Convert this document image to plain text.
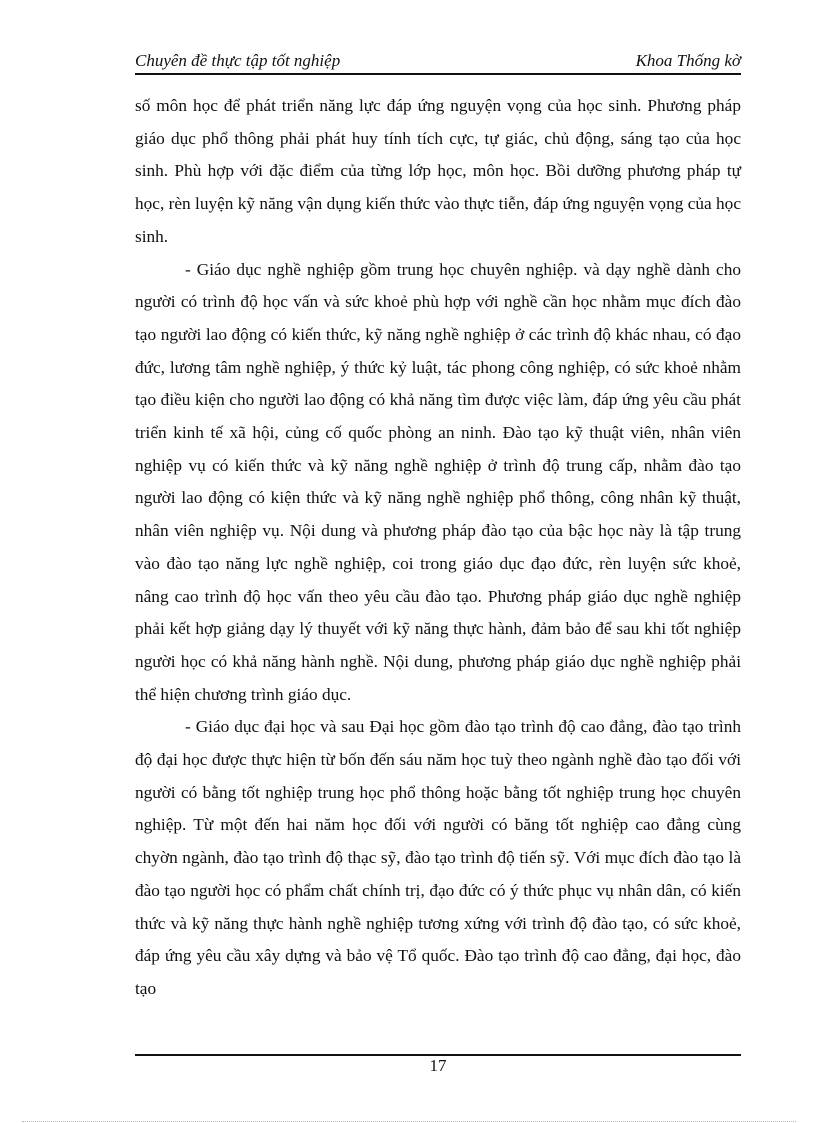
Chuyên đề thực tập tốt nghiệp	Khoa Thống kờ

số môn học để phát triển năng lực đáp ứng nguyện vọng của học sinh. Phương pháp giáo dục phổ thông phải phát huy tính tích cực, tự giác, chủ động, sáng tạo của học sinh. Phù hợp với đặc điểm của từng lớp học, môn học. Bồi dưỡng phương pháp tự học, rèn luyện kỹ năng vận dụng kiến thức vào thực tiễn, đáp ứng nguyện vọng của học sinh.

- Giáo dục nghề nghiệp gồm trung học chuyên nghiệp. và dạy nghề dành cho người có trình độ học vấn và sức khoẻ phù hợp với nghề cần học nhằm mục đích đào tạo người lao động có kiến thức, kỹ năng nghề nghiệp ở các trình độ khác nhau, có đạo đức, lương tâm nghề nghiệp, ý thức kỷ luật, tác phong công nghiệp, có sức khoẻ nhằm tạo điều kiện cho người lao động có khả năng tìm được việc làm, đáp ứng yêu cầu phát triển kinh tế xã hội, củng cố quốc phòng an ninh. Đào tạo kỹ thuật viên, nhân viên nghiệp vụ có kiến thức và kỹ năng nghề nghiệp ở trình độ trung cấp, nhằm đào tạo người lao động có kiện thức và kỹ năng nghề nghiệp phổ thông, công nhân kỹ thuật, nhân viên nghiệp vụ. Nội dung và phương pháp đào tạo của bậc học này là tập trung vào đào tạo năng lực nghề nghiệp, coi trong giáo dục đạo đức, rèn luyện sức khoẻ, nâng cao trình độ học vấn theo yêu cầu đào tạo. Phương pháp giáo dục nghề nghiệp phải kết hợp giảng dạy lý thuyết với kỹ năng thực hành, đảm bảo để sau khi tốt nghiệp người học có khả năng hành nghề. Nội dung, phương pháp giáo dục nghề nghiệp phải thể hiện chương trình giáo dục.

- Giáo dục đại học và sau Đại học gồm đào tạo trình độ cao đẳng, đào tạo trình độ đại học được thực hiện từ bốn đến sáu năm học tuỳ theo ngành nghề đào tạo đối với người có bằng tốt nghiệp trung học phổ thông hoặc bằng tốt nghiệp trung học chuyên nghiệp. Từ một đến hai năm học đối với người có băng tốt nghiệp cao đẳng cùng chyờn ngành, đào tạo trình độ thạc sỹ, đào tạo trình độ tiến sỹ. Với mục đích đào tạo là đào tạo người học có phẩm chất chính trị, đạo đức có ý thức phục vụ nhân dân, có kiến thức và kỹ năng thực hành nghề nghiệp tương xứng với trình độ đào tạo, có sức khoẻ, đáp ứng yêu cầu xây dựng và bảo vệ Tổ quốc. Đào tạo trình độ cao đẳng, đại học, đào tạo

17
